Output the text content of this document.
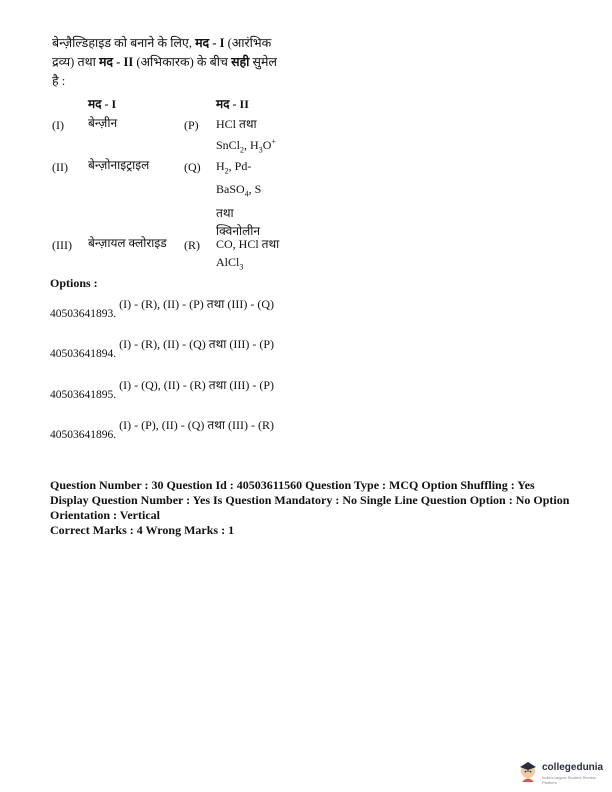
बेन्ज़ैल्डिहाइड को बनाने के लिए, मद - I (आरंभिक
द्रव्य) तथा मद - II (अभिकारक) के बीच सही सुमेल
है :
मद - I	मद - II
(I) बेन्ज़ीन	(P) HCl तथा
SnCl$_2$, $H_3O^+$
(II) बेन्ज़ोनाइट्राइल	(Q) $H_2$, Pd-
BaSO$_4$, S
तथा
क्विनोलीन
(III) बेन्ज़ायल क्लोराइड (R) CO, HCl तथा
AlCl$_3$
Options :
40503641893.(I) - (R), (II) - (P) तथा (III) - (Q)
40503641894.(I) - (R), (II) - (Q) तथा (III) - (P)
40503641895.(I) - (Q), (II) - (R) तथा (III) - (P)
40503641896.(I) - (P), (II) - (Q) तथा (III) - (R)
Question Number : 30 Question Id : 40503611560 Question Type : MCQ Option Shuffling : Yes
Display Question Number : Yes Is Question Mandatory : No Single Line Question Option : No Option
Orientation : Vertical
Correct Marks : 4 Wrong Marks : 1
collegedunia
India's largest Student Review Platform
